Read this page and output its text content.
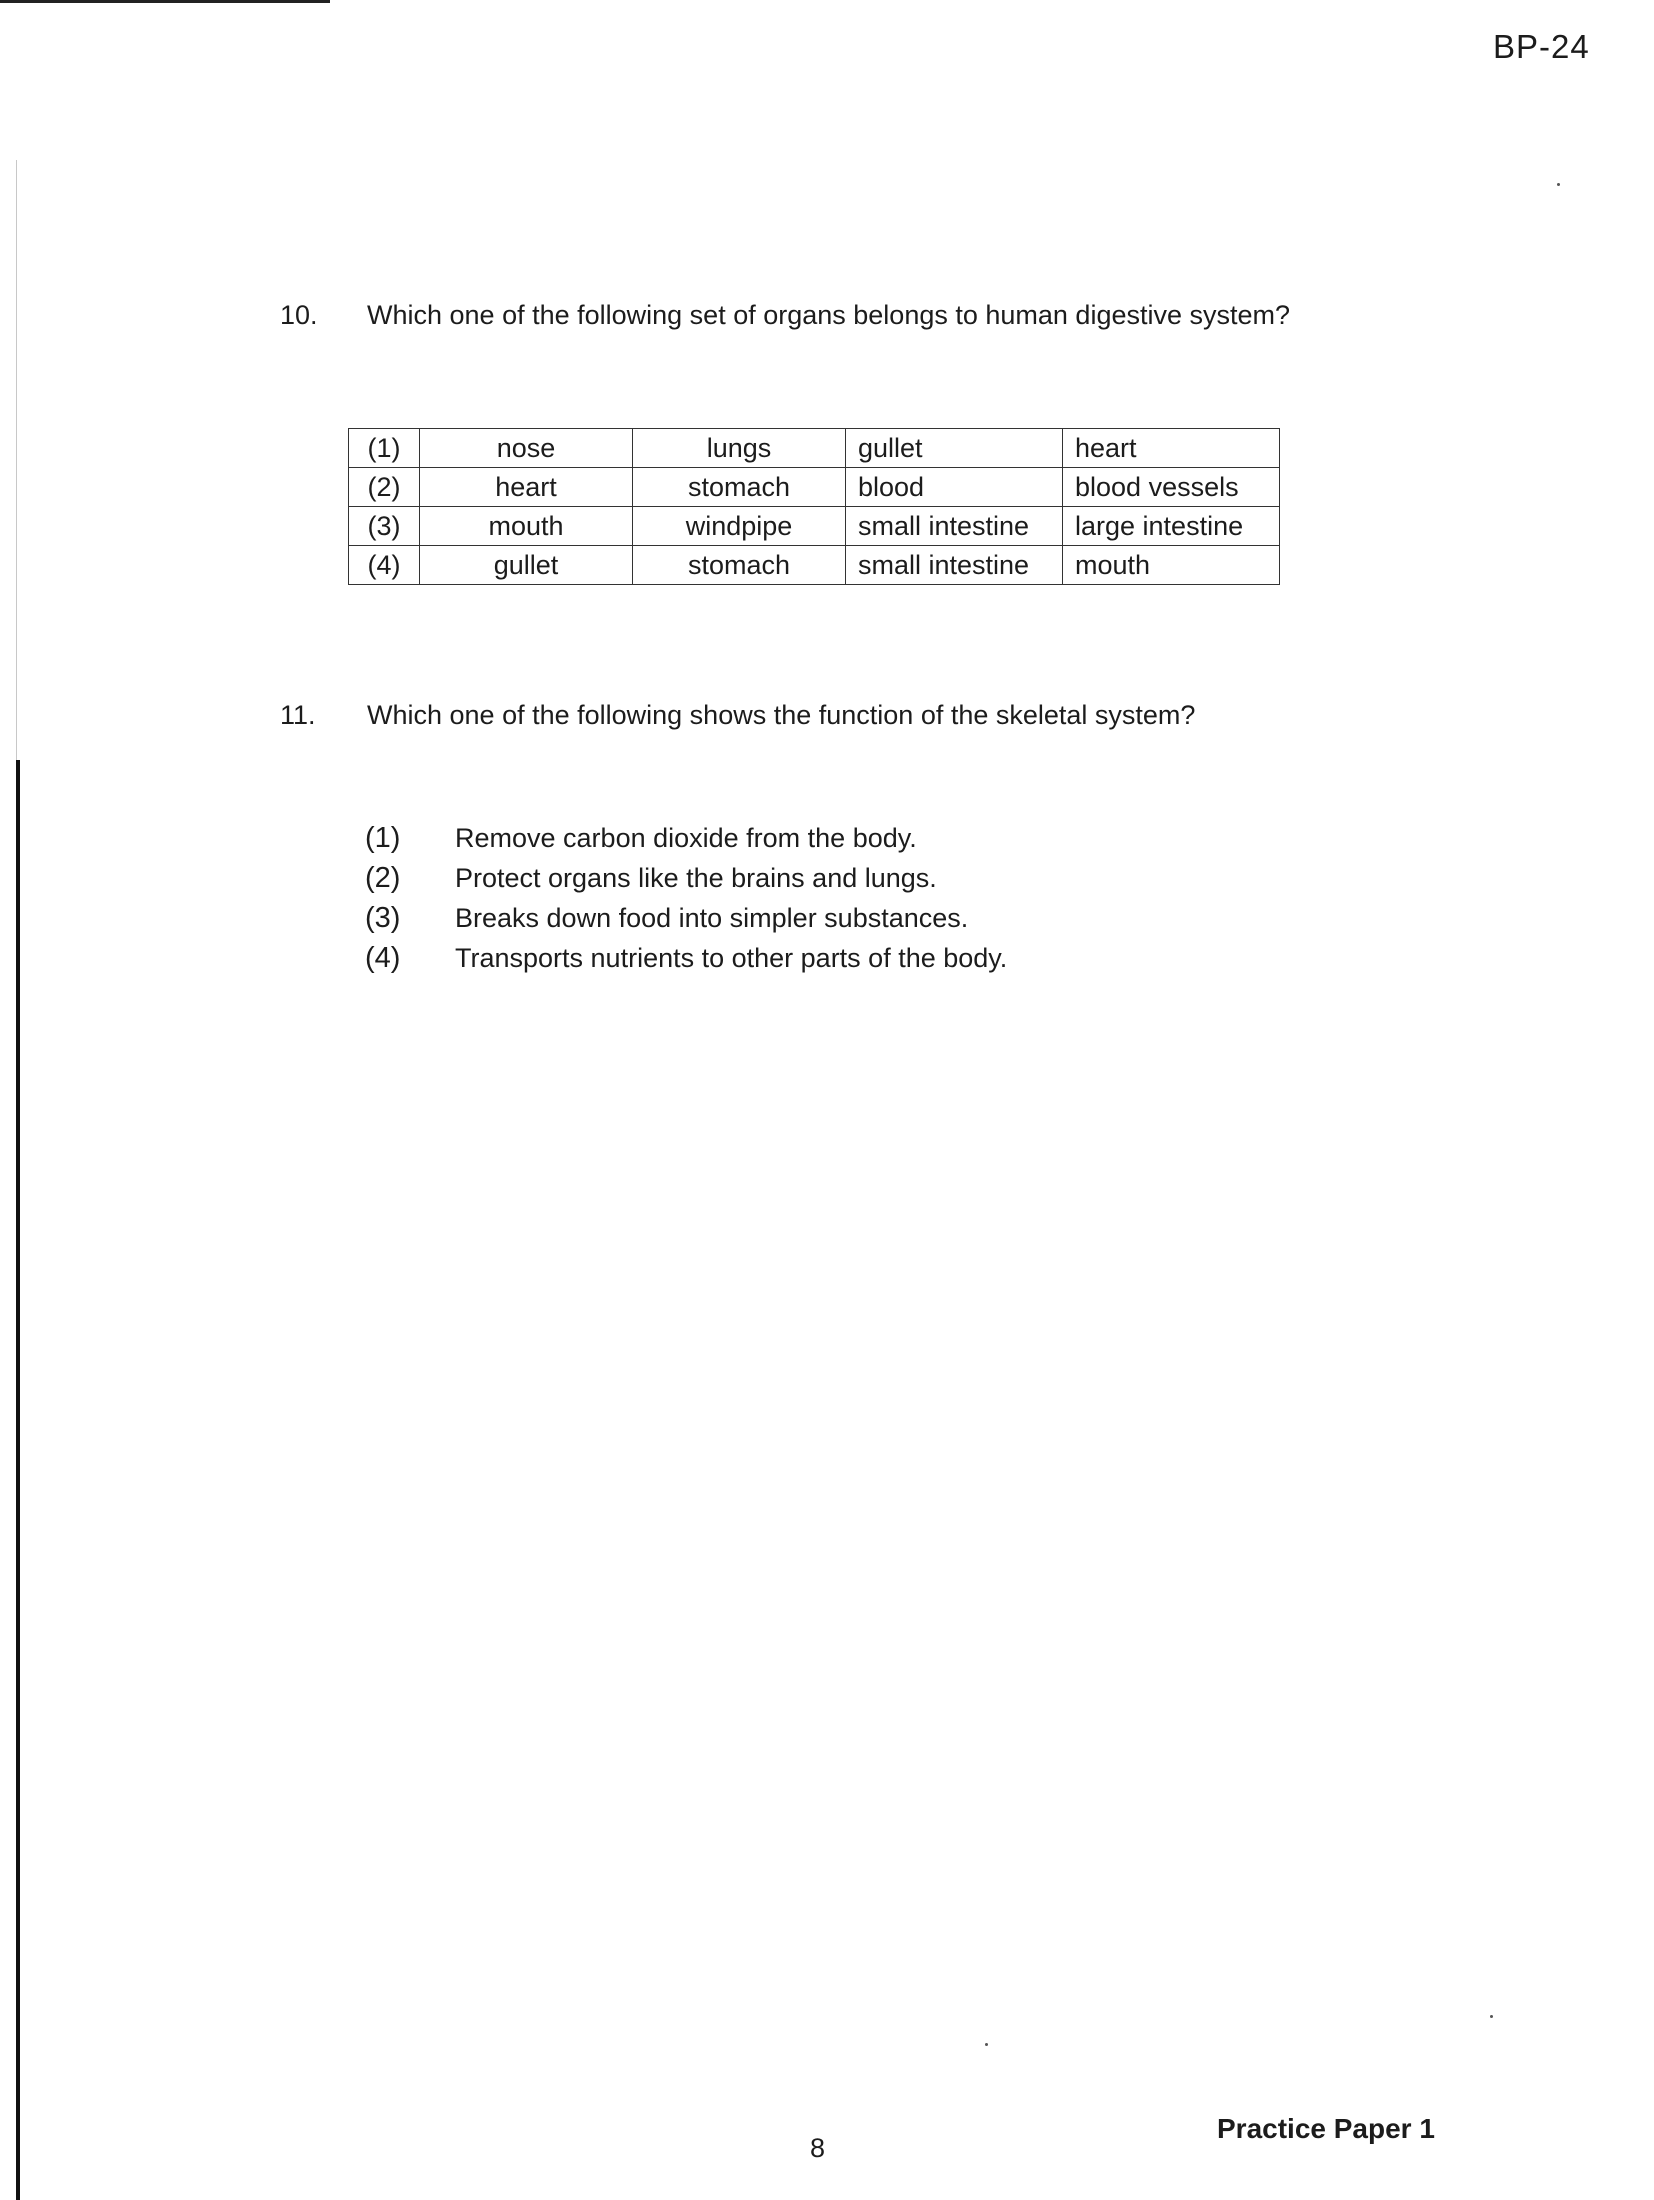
BP-24
10. Which one of the following set of organs belongs to human digestive system?
(1)	nose	lungs	gullet	heart
(2)	heart	stomach	blood	blood vessels
(3)	mouth	windpipe	small intestine	large intestine
(4)	gullet	stomach	small intestine	mouth
11. Which one of the following shows the function of the skeletal system?
(1) Remove carbon dioxide from the body.
(2) Protect organs like the brains and lungs.
(3) Breaks down food into simpler substances.
(4) Transports nutrients to other parts of the body.
8
Practice Paper 1
